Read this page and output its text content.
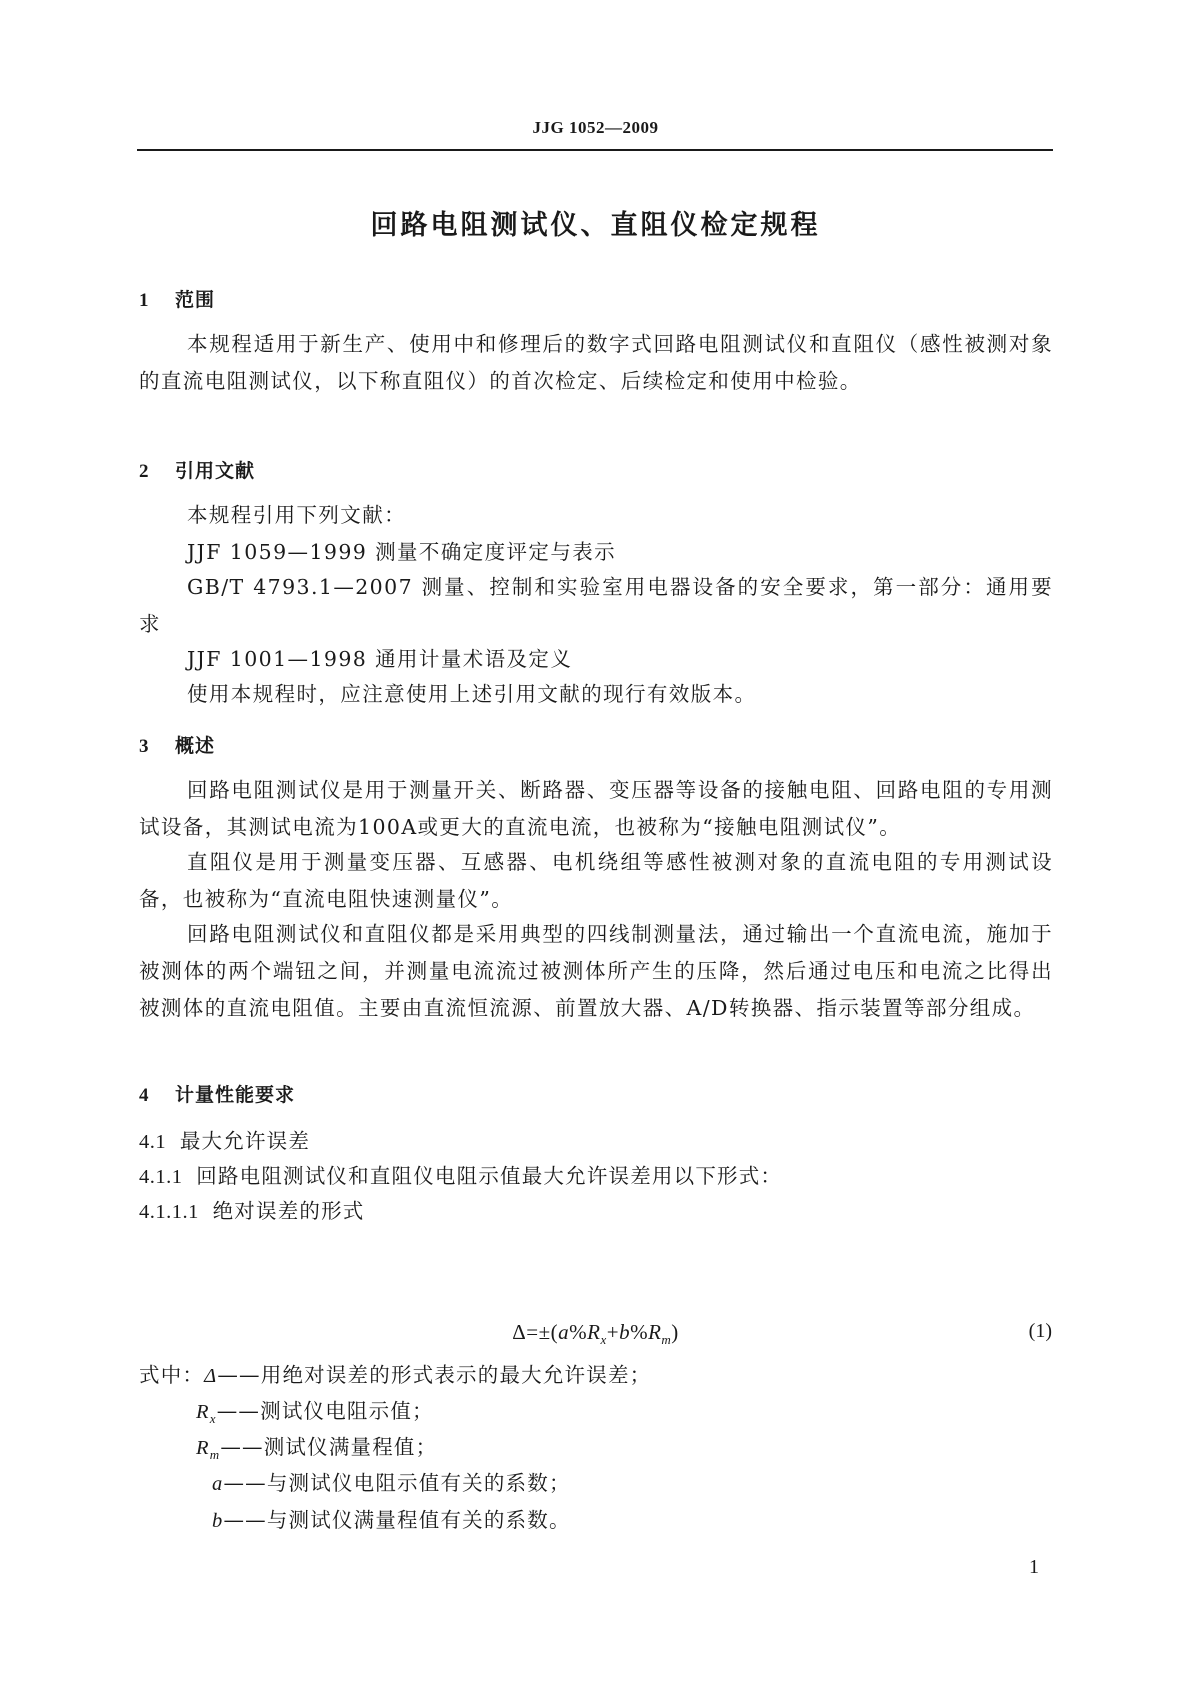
JJG 1052—2009
回路电阻测试仪、直阻仪检定规程
1 范围
本规程适用于新生产、使用中和修理后的数字式回路电阻测试仪和直阻仪（感性被测对象的直流电阻测试仪，以下称直阻仪）的首次检定、后续检定和使用中检验。
2 引用文献
本规程引用下列文献：
JJF 1059—1999 测量不确定度评定与表示
GB/T 4793.1—2007 测量、控制和实验室用电器设备的安全要求，第一部分：通用要求
JJF 1001—1998 通用计量术语及定义
使用本规程时，应注意使用上述引用文献的现行有效版本。
3 概述
回路电阻测试仪是用于测量开关、断路器、变压器等设备的接触电阻、回路电阻的专用测试设备，其测试电流为100A或更大的直流电流，也被称为“接触电阻测试仪”。
直阻仪是用于测量变压器、互感器、电机绕组等感性被测对象的直流电阻的专用测试设备，也被称为“直流电阻快速测量仪”。
回路电阻测试仪和直阻仪都是采用典型的四线制测量法，通过输出一个直流电流，施加于被测体的两个端钮之间，并测量电流流过被测体所产生的压降，然后通过电压和电流之比得出被测体的直流电阻值。主要由直流恒流源、前置放大器、A/D转换器、指示装置等部分组成。
4 计量性能要求
4.1 最大允许误差
4.1.1 回路电阻测试仪和直阻仪电阻示值最大允许误差用以下形式：
4.1.1.1 绝对误差的形式
$\Delta=\pm(a\%R_x+b\%R_m)$	(1)
式中：Δ——用绝对误差的形式表示的最大允许误差；
$R_x——$测试仪电阻示值；
$R_m——$测试仪满量程值；
a——与测试仪电阻示值有关的系数；
b——与测试仪满量程值有关的系数。
1
